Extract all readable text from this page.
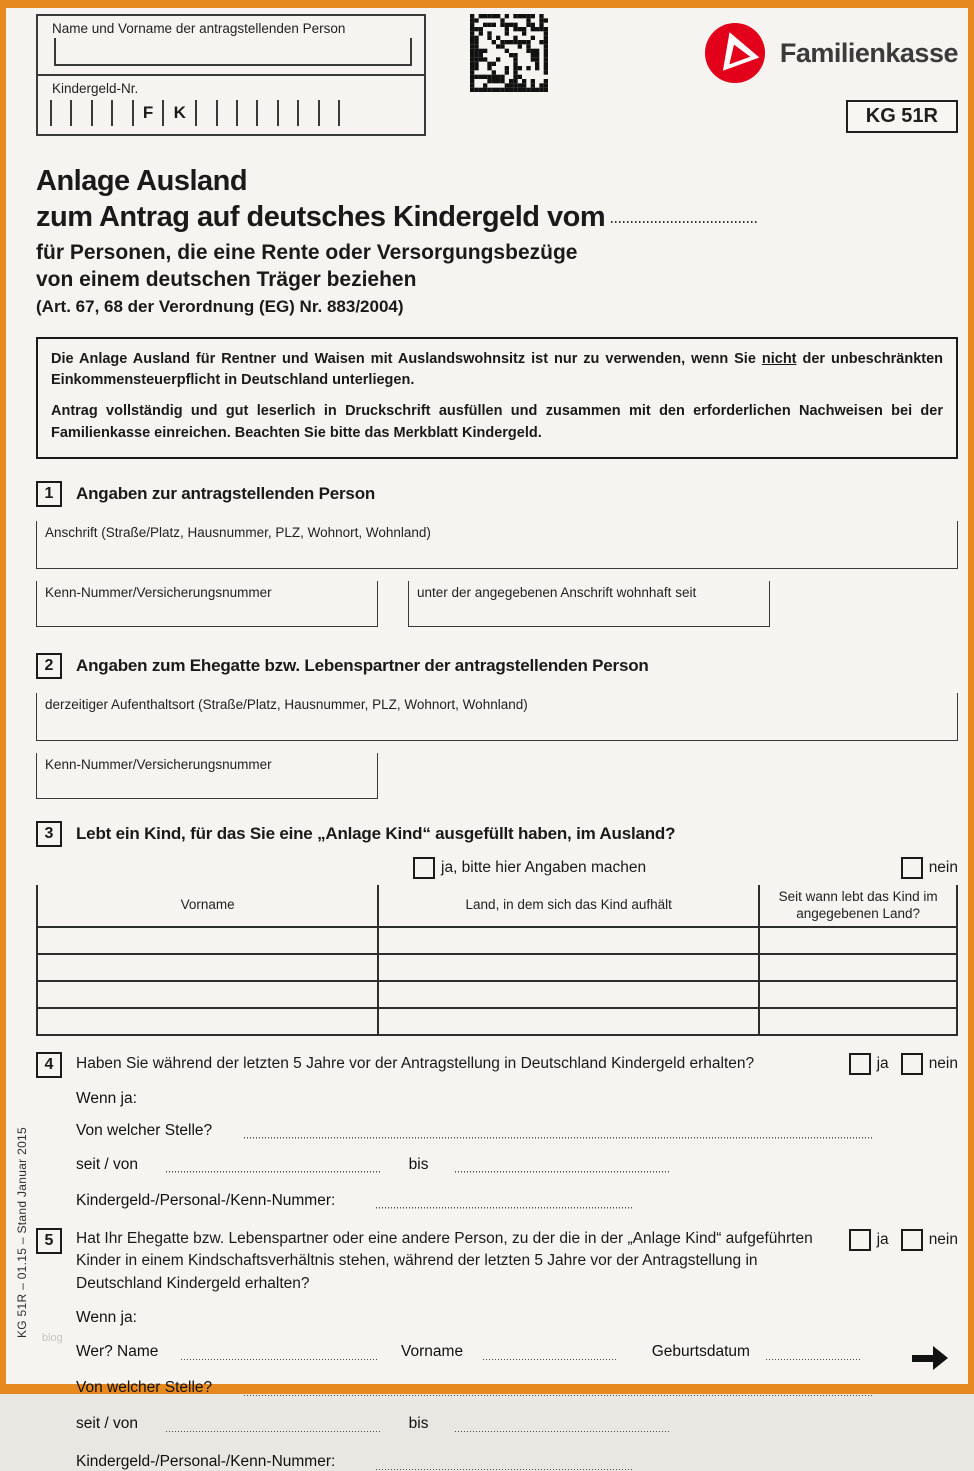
Name und Vorname der antragstellenden Person
Kindergeld-Nr.
F	K
Familienkasse
KG 51R
Anlage Ausland
zum Antrag auf deutsches Kindergeld vom
für Personen, die eine Rente oder Versorgungsbezüge
von einem deutschen Träger beziehen
(Art. 67, 68 der Verordnung (EG) Nr. 883/2004)

Die Anlage Ausland für Rentner und Waisen mit Auslandswohnsitz ist nur zu verwenden, wenn Sie nicht der unbeschränkten Einkommensteuerpflicht in Deutschland unterliegen.

Antrag vollständig und gut leserlich in Druckschrift ausfüllen und zusammen mit den erforderlichen Nachweisen bei der Familienkasse einreichen. Beachten Sie bitte das Merkblatt Kindergeld.

1	Angaben zur antragstellenden Person
Anschrift (Straße/Platz, Hausnummer, PLZ, Wohnort, Wohnland)
Kenn-Nummer/Versicherungsnummer	unter der angegebenen Anschrift wohnhaft seit
2	Angaben zum Ehegatte bzw. Lebenspartner der antragstellenden Person
derzeitiger Aufenthaltsort (Straße/Platz, Hausnummer, PLZ, Wohnort, Wohnland)
Kenn-Nummer/Versicherungsnummer
3	Lebt ein Kind, für das Sie eine „Anlage Kind“ ausgefüllt haben, im Ausland?
ja, bitte hier Angaben machen	nein
Vorname	Land, in dem sich das Kind aufhält	Seit wann lebt das Kind im angegebenen Land?

4	Haben Sie während der letzten 5 Jahre vor der Antragstellung in Deutschland Kindergeld erhalten?	ja	nein
Wenn ja:
Von welcher Stelle?
seit / von	bis
Kindergeld-/Personal-/Kenn-Nummer:
5	Hat Ihr Ehegatte bzw. Lebenspartner oder eine andere Person, zu der die in der „Anlage Kind“ aufgeführten Kinder in einem Kindschaftsverhältnis stehen, während der letzten 5 Jahre vor der Antragstellung in Deutschland Kindergeld erhalten?
ja	nein
Wenn ja:
Wer? Name	Vorname	Geburtsdatum
Von welcher Stelle?
seit / von	bis
Kindergeld-/Personal-/Kenn-Nummer:
KG 51R – 01.15 – Stand Januar 2015 blog
